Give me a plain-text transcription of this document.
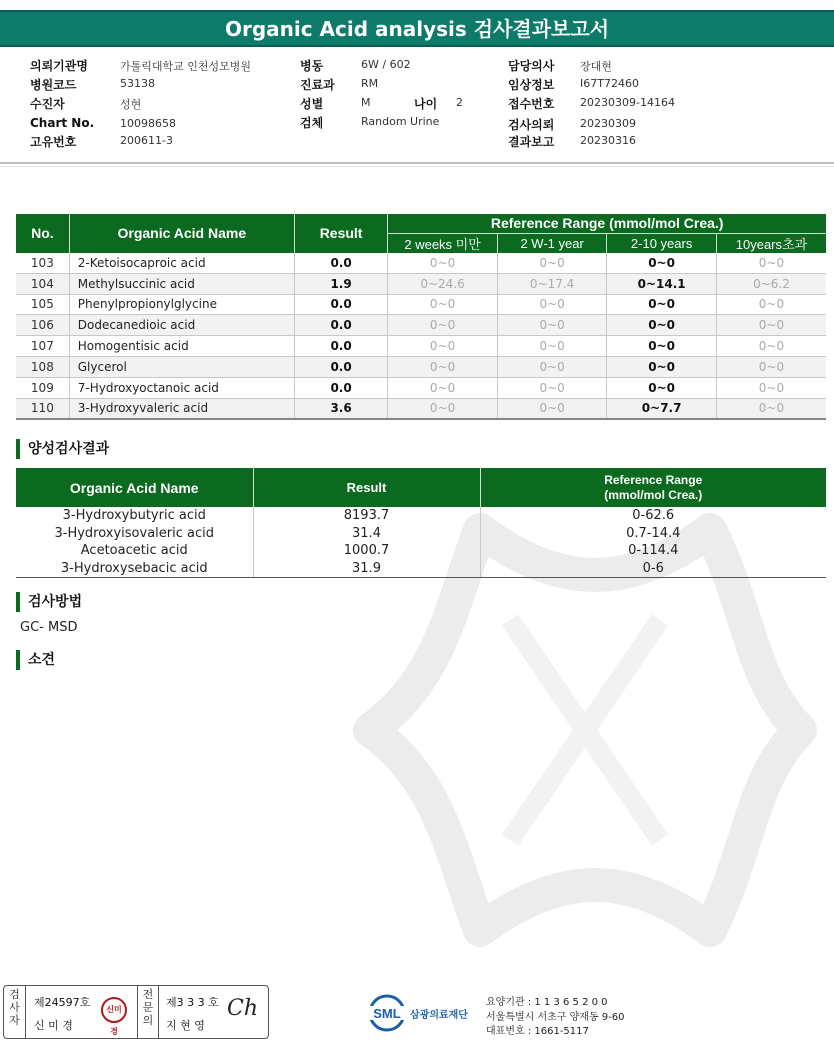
Organic Acid analysis 검사결과보고서
의뢰기관명	가톨릭대학교 인천성모병원
병원코드	53138
수진자	성현
Chart No. 10098658
고유번호	200611-3
병동	6W / 602
진료과 RM
성별	M	나이 2
검체	Random Urine
담당의사 장대현
임상정보 I67T72460
접수번호 20230309-14164
검사의뢰 20230309
결과보고 20230316
No.	Organic Acid Name	Result	Reference Range (mmol/mol Crea.)			
			2 weeks 미만	2 W-1 year	2-10 years	10years초과
103	2-Ketoisocaproic acid	0.0	0~0	0~0	0~0	0~0
104	Methylsuccinic acid	1.9	0~24.6	0~17.4	0~14.1	0~6.2
105	Phenylpropionylglycine	0.0	0~0	0~0	0~0	0~0
106	Dodecanedioic acid	0.0	0~0	0~0	0~0	0~0
107	Homogentisic acid	0.0	0~0	0~0	0~0	0~0
108	Glycerol	0.0	0~0	0~0	0~0	0~0
109	7-Hydroxyoctanoic acid	0.0	0~0	0~0	0~0	0~0
110	3-Hydroxyvaleric acid	3.6	0~0	0~0	0~7.7	0~0
양성검사결과
Organic Acid Name	Result	Reference Range
(mmol/mol Crea.)

3-Hydroxybutyric acid	8193.7	0-62.6
3-Hydroxyisovaleric acid	31.4	0.7-14.4
Acetoacetic acid	1000.7	0-114.4
3-Hydroxysebacic acid	31.9	0-6
검사방법
GC- MSD
소견
검사자
제24597호
신 미 경
신미경
전문의
제3 3 3 호
지 현 영
Ch	SML 삼광의료재단
요양기관 : 1 1 3 6 5 2 0 0
서울특별시 서초구 양재동 9-60
대표번호 : 1661-5117
